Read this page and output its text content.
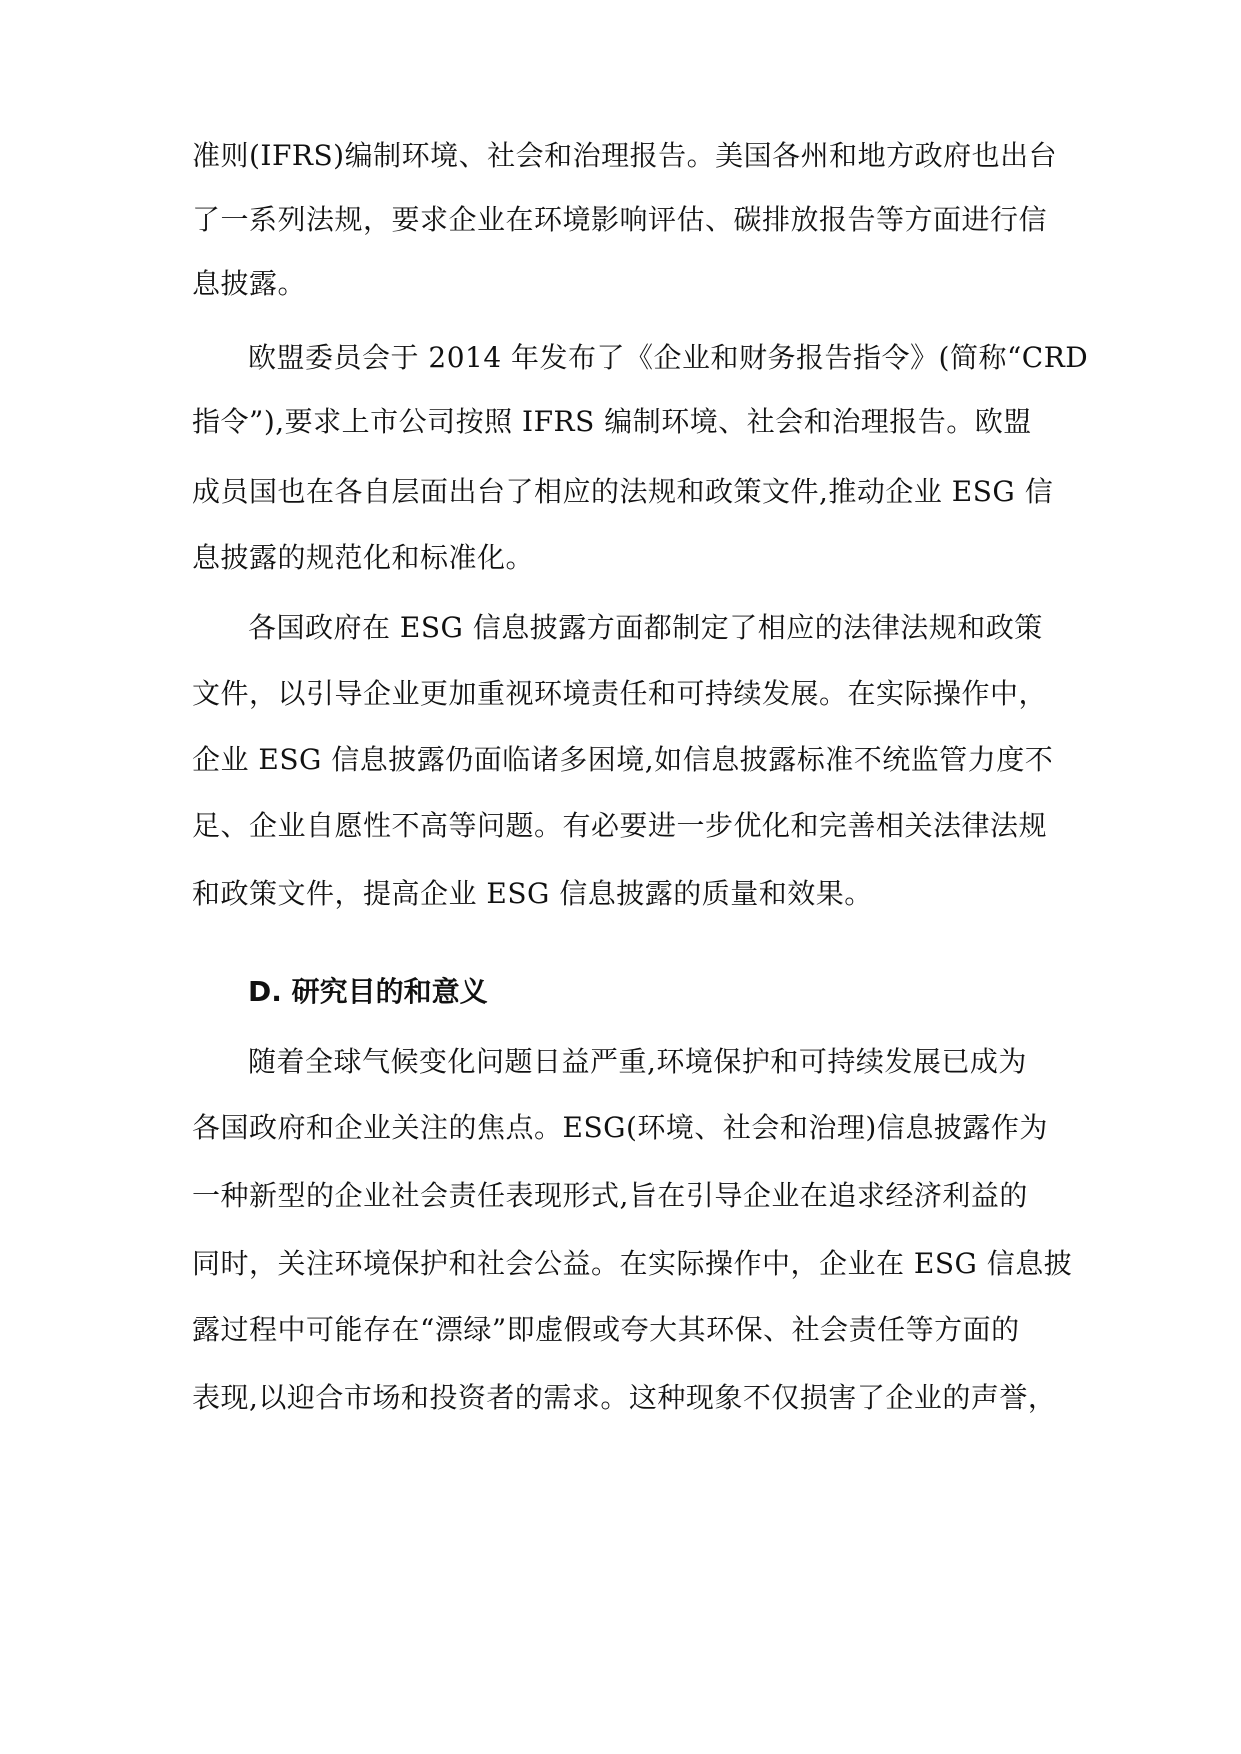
准则(IFRS)编制环境、社会和治理报告。美国各州和地方政府也出台
了一系列法规，要求企业在环境影响评估、碳排放报告等方面进行信
息披露。
欧盟委员会于 2014 年发布了《企业和财务报告指令》(简称“CRD
指令”),要求上市公司按照 IFRS 编制环境、社会和治理报告。欧盟
成员国也在各自层面出台了相应的法规和政策文件,推动企业 ESG 信
息披露的规范化和标准化。
各国政府在 ESG 信息披露方面都制定了相应的法律法规和政策
文件，以引导企业更加重视环境责任和可持续发展。在实际操作中，
企业 ESG 信息披露仍面临诸多困境,如信息披露标准不统监管力度不
足、企业自愿性不高等问题。有必要进一步优化和完善相关法律法规
和政策文件，提高企业 ESG 信息披露的质量和效果。
D. 研究目的和意义
随着全球气候变化问题日益严重,环境保护和可持续发展已成为
各国政府和企业关注的焦点。ESG(环境、社会和治理)信息披露作为
一种新型的企业社会责任表现形式,旨在引导企业在追求经济利益的
同时，关注环境保护和社会公益。在实际操作中，企业在 ESG 信息披
露过程中可能存在“漂绿”即虚假或夸大其环保、社会责任等方面的
表现,以迎合市场和投资者的需求。这种现象不仅损害了企业的声誉，
